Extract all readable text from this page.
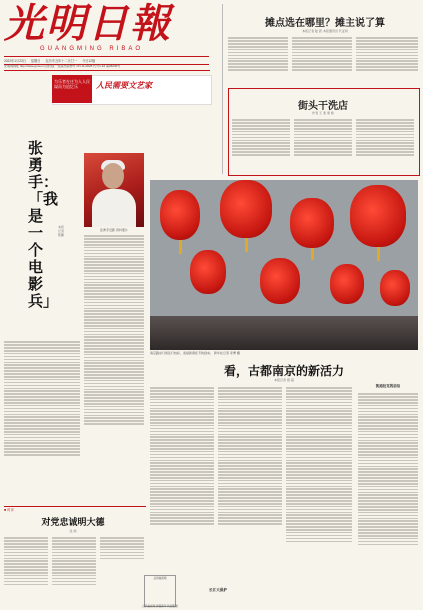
光明日報
GUANGMING RIBAO
2022年1月23日 星期日 农历辛丑年十二月廿一 今日12版
光明网网址 http://www.gmw.cn 国内统一连续出版物号 CN 11-0026 代号1-16 第26230号
为乐者在迁为人人民谋而为追忆乐	人民需要文艺家
摊点选在哪里？摊主说了算
本报记者 陆 跃 本报通讯员 代亚珂
街头干洗店
作者 王 斐 梁 艳
张勇手：「我是一个电影兵」
本报记者 陈鹏
张勇手近影 资料照片
南京路步行街张灯结彩，迎接新春佳节的到来。 新华社记者 李博 摄
看，古都南京的新活力
本报记者 蒋 超
凯迪拉克的前沿
长江大保护
■ 时评
对党忠诚明大德
张 硕
扫码看视频
扫码看视频 新春新年 特别报道
